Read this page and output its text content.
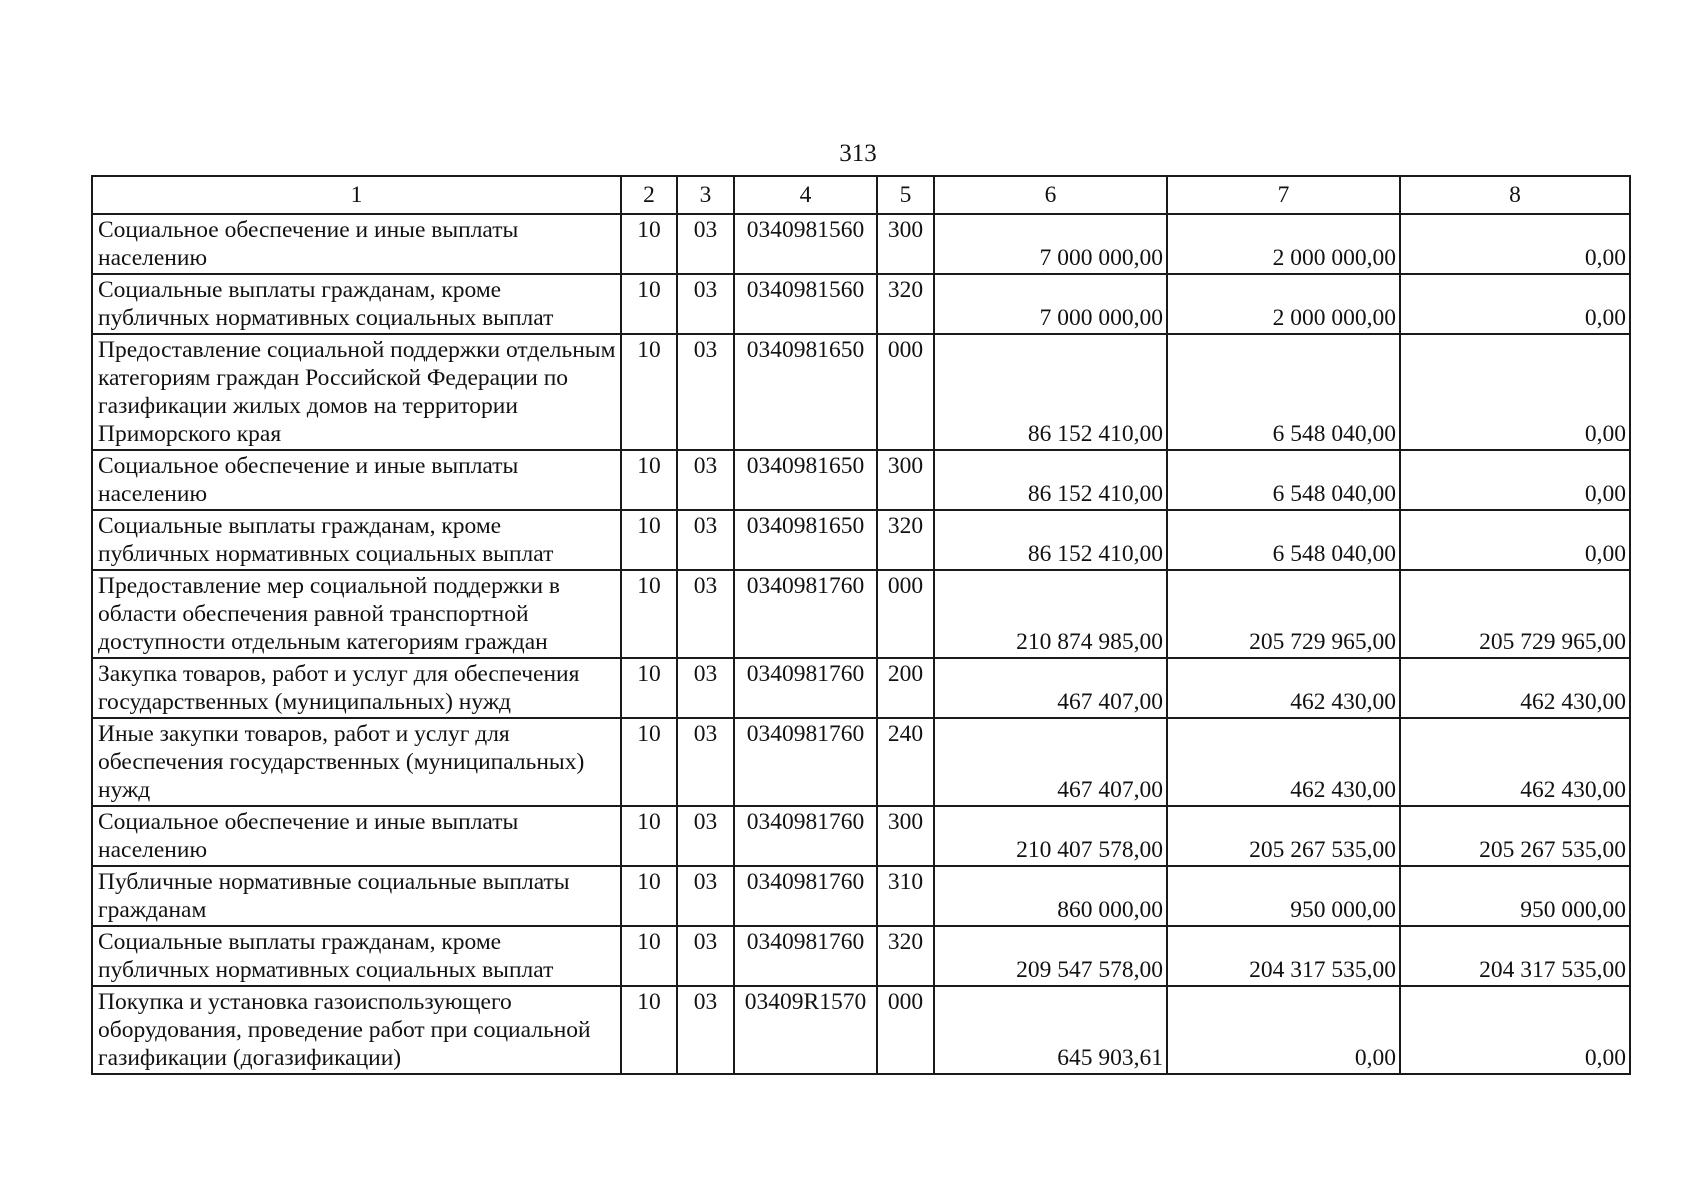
313
1	2	3	4	5	6	7	8
Социальное обеспечение и иные выплаты населению	10	03	0340981560	300	7 000 000,00	2 000 000,00	0,00
Социальные выплаты гражданам, кроме публичных нормативных социальных выплат	10	03	0340981560	320	7 000 000,00	2 000 000,00	0,00
Предоставление социальной поддержки отдельным категориям граждан Российской Федерации по газификации жилых домов на территории Приморского края	10	03	0340981650	000	86 152 410,00	6 548 040,00	0,00
Социальное обеспечение и иные выплаты населению	10	03	0340981650	300	86 152 410,00	6 548 040,00	0,00
Социальные выплаты гражданам, кроме публичных нормативных социальных выплат	10	03	0340981650	320	86 152 410,00	6 548 040,00	0,00
Предоставление мер социальной поддержки в области обеспечения равной транспортной доступности отдельным категориям граждан	10	03	0340981760	000	210 874 985,00	205 729 965,00	205 729 965,00
Закупка товаров, работ и услуг для обеспечения государственных (муниципальных) нужд	10	03	0340981760	200	467 407,00	462 430,00	462 430,00
Иные закупки товаров, работ и услуг для обеспечения государственных (муниципальных) нужд	10	03	0340981760	240	467 407,00	462 430,00	462 430,00
Социальное обеспечение и иные выплаты населению	10	03	0340981760	300	210 407 578,00	205 267 535,00	205 267 535,00
Публичные нормативные социальные выплаты гражданам	10	03	0340981760	310	860 000,00	950 000,00	950 000,00
Социальные выплаты гражданам, кроме публичных нормативных социальных выплат	10	03	0340981760	320	209 547 578,00	204 317 535,00	204 317 535,00
Покупка и установка газоиспользующего оборудования, проведение работ при социальной газификации (догазификации)	10	03	03409R1570	000	645 903,61	0,00	0,00
